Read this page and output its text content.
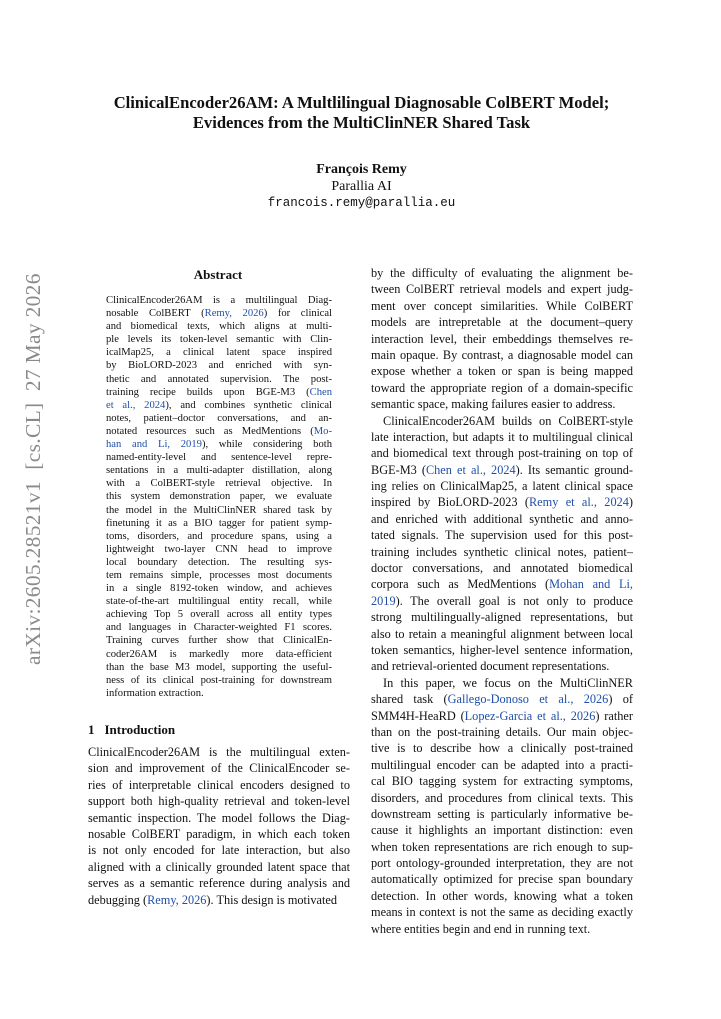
arXiv:2605.28521v1  [cs.CL]  27 May 2026
ClinicalEncoder26AM: A Multlilingual Diagnosable ColBERT Model;
Evidences from the MultiClinNER Shared Task
François Remy
Parallia AI
francois.remy@parallia.eu
Abstract
ClinicalEncoder26AM is a multilingual Diag-
nosable ColBERT (Remy, 2026) for clinical
and biomedical texts, which aligns at multi-
ple levels its token-level semantic with Clin-
icalMap25, a clinical latent space inspired
by BioLORD-2023 and enriched with syn-
thetic and annotated supervision. The post-
training recipe builds upon BGE-M3 (Chen
et al., 2024), and combines synthetic clinical
notes, patient–doctor conversations, and an-
notated resources such as MedMentions (Mo-
han and Li, 2019), while considering both
named-entity-level and sentence-level repre-
sentations in a multi-adapter distillation, along
with a ColBERT-style retrieval objective. In
this system demonstration paper, we evaluate
the model in the MultiClinNER shared task by
finetuning it as a BIO tagger for patient symp-
toms, disorders, and procedure spans, using a
lightweight two-layer CNN head to improve
local boundary detection. The resulting sys-
tem remains simple, processes most documents
in a single 8192-token window, and achieves
state-of-the-art multilingual entity recall, while
achieving Top 5 overall across all entity types
and languages in Character-weighted F1 scores.
Training curves further show that ClinicalEn-
coder26AM is markedly more data-efficient
than the base M3 model, supporting the useful-
ness of its clinical post-training for downstream
information extraction.
1 Introduction
ClinicalEncoder26AM is the multilingual exten-
sion and improvement of the ClinicalEncoder se-
ries of interpretable clinical encoders designed to
support both high-quality retrieval and token-level
semantic inspection. The model follows the Diag-
nosable ColBERT paradigm, in which each token
is not only encoded for late interaction, but also
aligned with a clinically grounded latent space that
serves as a semantic reference during analysis and
debugging (Remy, 2026). This design is motivated
by the difficulty of evaluating the alignment be-
tween ColBERT retrieval models and expert judg-
ment over concept similarities. While ColBERT
models are intrepretable at the document–query
interaction level, their embeddings themselves re-
main opaque. By contrast, a diagnosable model can
expose whether a token or span is being mapped
toward the appropriate region of a domain-specific
semantic space, making failures easier to address.
ClinicalEncoder26AM builds on ColBERT-style
late interaction, but adapts it to multilingual clinical
and biomedical text through post-training on top of
BGE-M3 (Chen et al., 2024). Its semantic ground-
ing relies on ClinicalMap25, a latent clinical space
inspired by BioLORD-2023 (Remy et al., 2024)
and enriched with additional synthetic and anno-
tated signals. The supervision used for this post-
training includes synthetic clinical notes, patient–
doctor conversations, and annotated biomedical
corpora such as MedMentions (Mohan and Li,
2019). The overall goal is not only to produce
strong multilingually-aligned representations, but
also to retain a meaningful alignment between local
token semantics, higher-level sentence information,
and retrieval-oriented document representations.
In this paper, we focus on the MultiClinNER
shared task (Gallego-Donoso et al., 2026) of
SMM4H-HeaRD (Lopez-Garcia et al., 2026) rather
than on the post-training details. Our main objec-
tive is to describe how a clinically post-trained
multilingual encoder can be adapted into a practi-
cal BIO tagging system for extracting symptoms,
disorders, and procedures from clinical texts. This
downstream setting is particularly informative be-
cause it highlights an important distinction: even
when token representations are rich enough to sup-
port ontology-grounded interpretation, they are not
automatically optimized for precise span boundary
detection. In other words, knowing what a token
means in context is not the same as deciding exactly
where entities begin and end in running text.
